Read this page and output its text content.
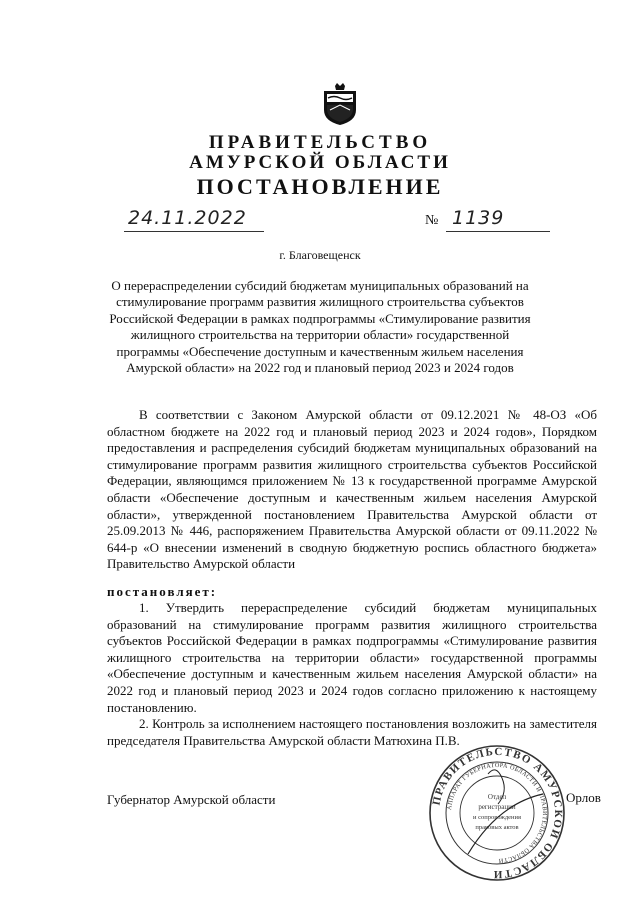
ПРАВИТЕЛЬСТВО
АМУРСКОЙ ОБЛАСТИ
ПОСТАНОВЛЕНИЕ
24.11.2022	№ 1139
г. Благовещенск
О перераспределении субсидий бюджетам муниципальных образований на стимулирование программ развития жилищного строительства субъектов Российской Федерации в рамках подпрограммы «Стимулирование развития жилищного строительства на территории области» государственной программы «Обеспечение доступным и качественным жильем населения Амурской области» на 2022 год и плановый период 2023 и 2024 годов

В соответствии с Законом Амурской области от 09.12.2021 № 48-ОЗ «Об областном бюджете на 2022 год и плановый период 2023 и 2024 годов», Порядком предоставления и распределения субсидий бюджетам муниципальных образований на стимулирование программ развития жилищного строительства субъектов Российской Федерации, являющимся приложением № 13 к государственной программе Амурской области «Обеспечение доступным и качественным жильем населения Амурской области», утвержденной постановлением Правительства Амурской области от 25.09.2013 № 446, распоряжением Правительства Амурской области от 09.11.2022 № 644-р «О внесении изменений в сводную бюджетную роспись областного бюджета» Правительство Амурской области

постановляет:

1. Утвердить перераспределение субсидий бюджетам муниципальных образований на стимулирование программ развития жилищного строительства субъектов Российской Федерации в рамках подпрограммы «Стимулирование развития жилищного строительства на территории области» государственной программы «Обеспечение доступным и качественным жильем населения Амурской области» на 2022 год и плановый период 2023 и 2024 годов согласно приложению к настоящему постановлению.

2. Контроль за исполнением настоящего постановления возложить на заместителя председателя Правительства Амурской области Матюхина П.В.

Губернатор Амурской области	Орлов
ПРАВИТЕЛЬСТВО АМУРСКОЙ ОБЛАСТИ
АППАРАТ ГУБЕРНАТОРА ОБЛАСТИ И ПРАВИТЕЛЬСТВА ОБЛАСТИ
Отдел
регистрации
и сопровождения
правовых актов
